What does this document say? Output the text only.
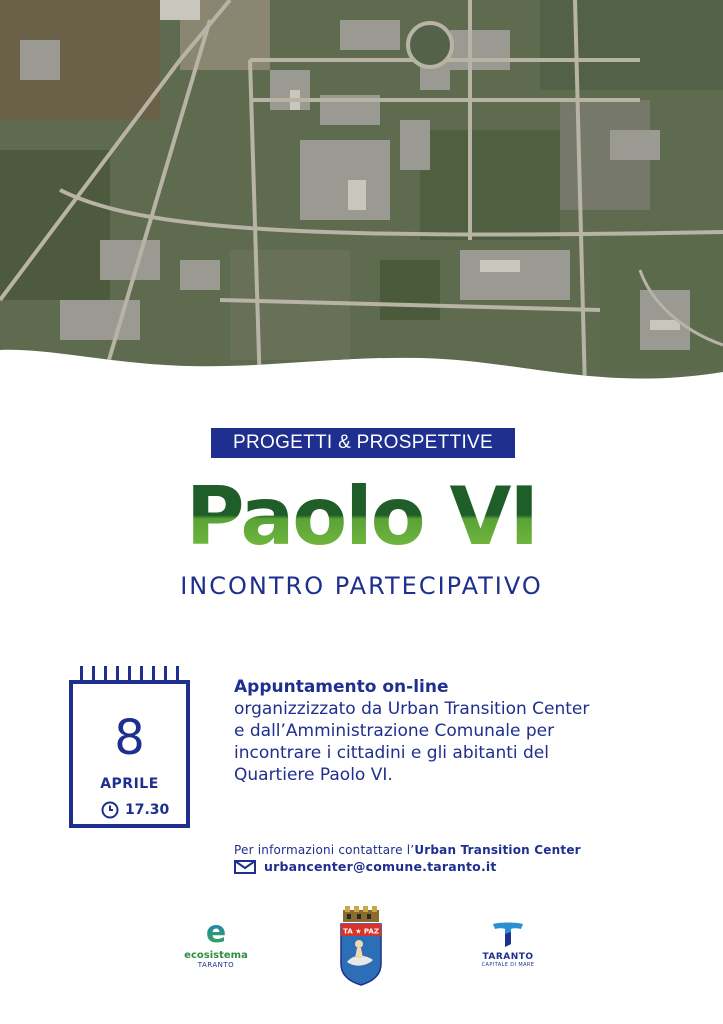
PROGETTI & PROSPETTIVE
Paolo VI
INCONTRO PARTECIPATIVO
8
APRILE
17.30
Appuntamento on-line
organizzizzato da Urban Transition Center
e dall’Amministrazione Comunale per
incontrare i cittadini e gli abitanti del
Quartiere Paolo VI.
Per informazioni contattare l’Urban Transition Center
urbancenter@comune.taranto.it
e
ecosistema
TARANTO
TA ★ PAZ
TARANTO
CAPITALE DI MARE
